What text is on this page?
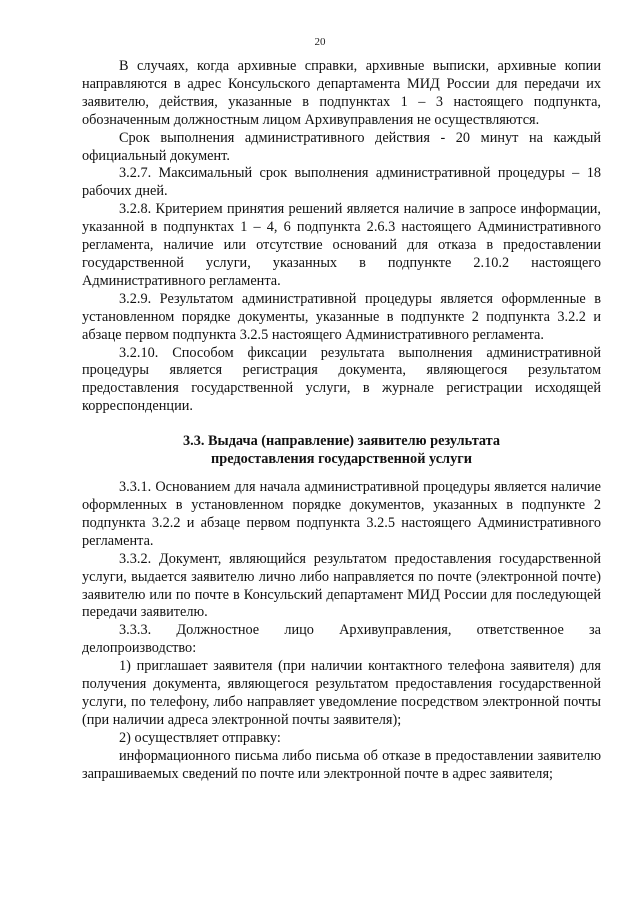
20

В случаях, когда архивные справки, архивные выписки, архивные копии направляются в адрес Консульского департамента МИД России для передачи их заявителю, действия, указанные в подпунктах 1 – 3 настоящего подпункта, обозначенным должностным лицом Архивуправления не осуществляются.

Срок выполнения административного действия - 20 минут на каждый официальный документ.

3.2.7. Максимальный срок выполнения административной процедуры – 18 рабочих дней.

3.2.8. Критерием принятия решений является наличие в запросе информации, указанной в подпунктах 1 – 4, 6 подпункта 2.6.3 настоящего Административного регламента, наличие или отсутствие оснований для отказа в предоставлении государственной услуги, указанных в подпункте 2.10.2 настоящего Административного регламента.

3.2.9. Результатом административной процедуры является оформленные в установленном порядке документы, указанные в подпункте 2 подпункта 3.2.2 и абзаце первом подпункта 3.2.5 настоящего Административного регламента.

3.2.10. Способом фиксации результата выполнения административной процедуры является регистрация документа, являющегося результатом предоставления государственной услуги, в журнале регистрации исходящей корреспонденции.

3.3. Выдача (направление) заявителю результата
предоставления государственной услуги

3.3.1. Основанием для начала административной процедуры является наличие оформленных в установленном порядке документов, указанных в подпункте 2 подпункта 3.2.2 и абзаце первом подпункта 3.2.5 настоящего Административного регламента.

3.3.2. Документ, являющийся результатом предоставления государственной услуги, выдается заявителю лично либо направляется по почте (электронной почте) заявителю или по почте в Консульский департамент МИД России для последующей передачи заявителю.

3.3.3. Должностное лицо Архивуправления, ответственное за делопроизводство:

1) приглашает заявителя (при наличии контактного телефона заявителя) для получения документа, являющегося результатом предоставления государственной услуги, по телефону, либо направляет уведомление посредством электронной почты (при наличии адреса электронной почты заявителя);

2) осуществляет отправку:

информационного письма либо письма об отказе в предоставлении заявителю запрашиваемых сведений по почте или электронной почте в адрес заявителя;
